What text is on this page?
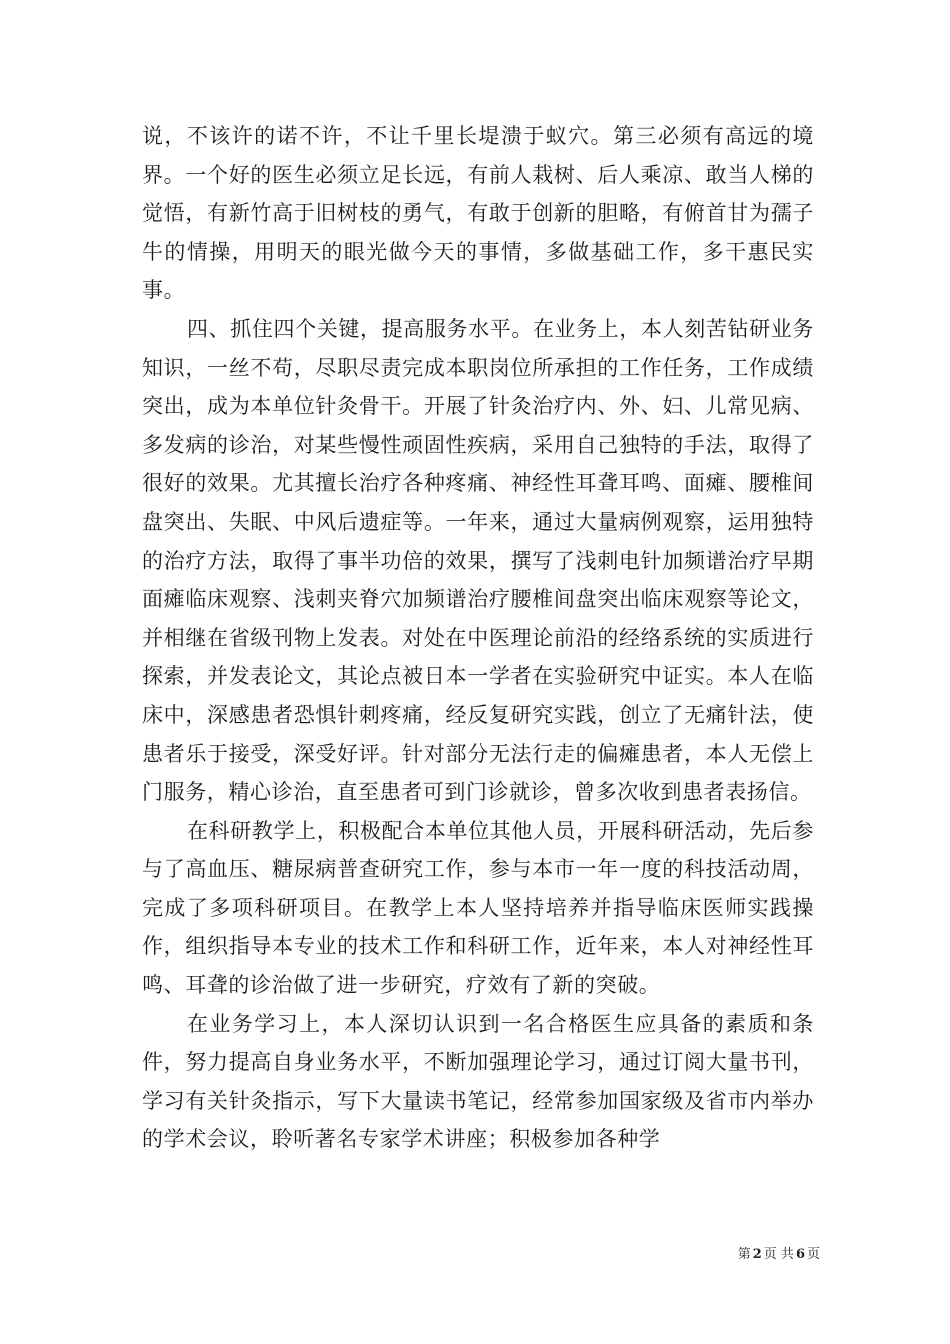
说，不该许的诺不许，不让千里长堤溃于蚁穴。第三必须有高远的境界。一个好的医生必须立足长远，有前人栽树、后人乘凉、敢当人梯的觉悟，有新竹高于旧树枝的勇气，有敢于创新的胆略，有俯首甘为孺子牛的情操，用明天的眼光做今天的事情，多做基础工作，多干惠民实事。

四、抓住四个关键，提高服务水平。在业务上，本人刻苦钻研业务知识，一丝不苟，尽职尽责完成本职岗位所承担的工作任务，工作成绩突出，成为本单位针灸骨干。开展了针灸治疗内、外、妇、儿常见病、多发病的诊治，对某些慢性顽固性疾病，采用自己独特的手法，取得了很好的效果。尤其擅长治疗各种疼痛、神经性耳聋耳鸣、面瘫、腰椎间盘突出、失眠、中风后遗症等。一年来，通过大量病例观察，运用独特的治疗方法，取得了事半功倍的效果，撰写了浅刺电针加频谱治疗早期面瘫临床观察、浅刺夹脊穴加频谱治疗腰椎间盘突出临床观察等论文，并相继在省级刊物上发表。对处在中医理论前沿的经络系统的实质进行探索，并发表论文，其论点被日本一学者在实验研究中证实。本人在临床中，深感患者恐惧针刺疼痛，经反复研究实践，创立了无痛针法，使患者乐于接受，深受好评。针对部分无法行走的偏瘫患者，本人无偿上门服务，精心诊治，直至患者可到门诊就诊，曾多次收到患者表扬信。

在科研教学上，积极配合本单位其他人员，开展科研活动，先后参与了高血压、糖尿病普查研究工作，参与本市一年一度的科技活动周，完成了多项科研项目。在教学上本人坚持培养并指导临床医师实践操作，组织指导本专业的技术工作和科研工作，近年来，本人对神经性耳鸣、耳聋的诊治做了进一步研究，疗效有了新的突破。

在业务学习上，本人深切认识到一名合格医生应具备的素质和条件，努力提高自身业务水平，不断加强理论学习，通过订阅大量书刊，学习有关针灸指示，写下大量读书笔记，经常参加国家级及省市内举办的学术会议，聆听著名专家学术讲座；积极参加各种学

第 2 页 共 6 页
